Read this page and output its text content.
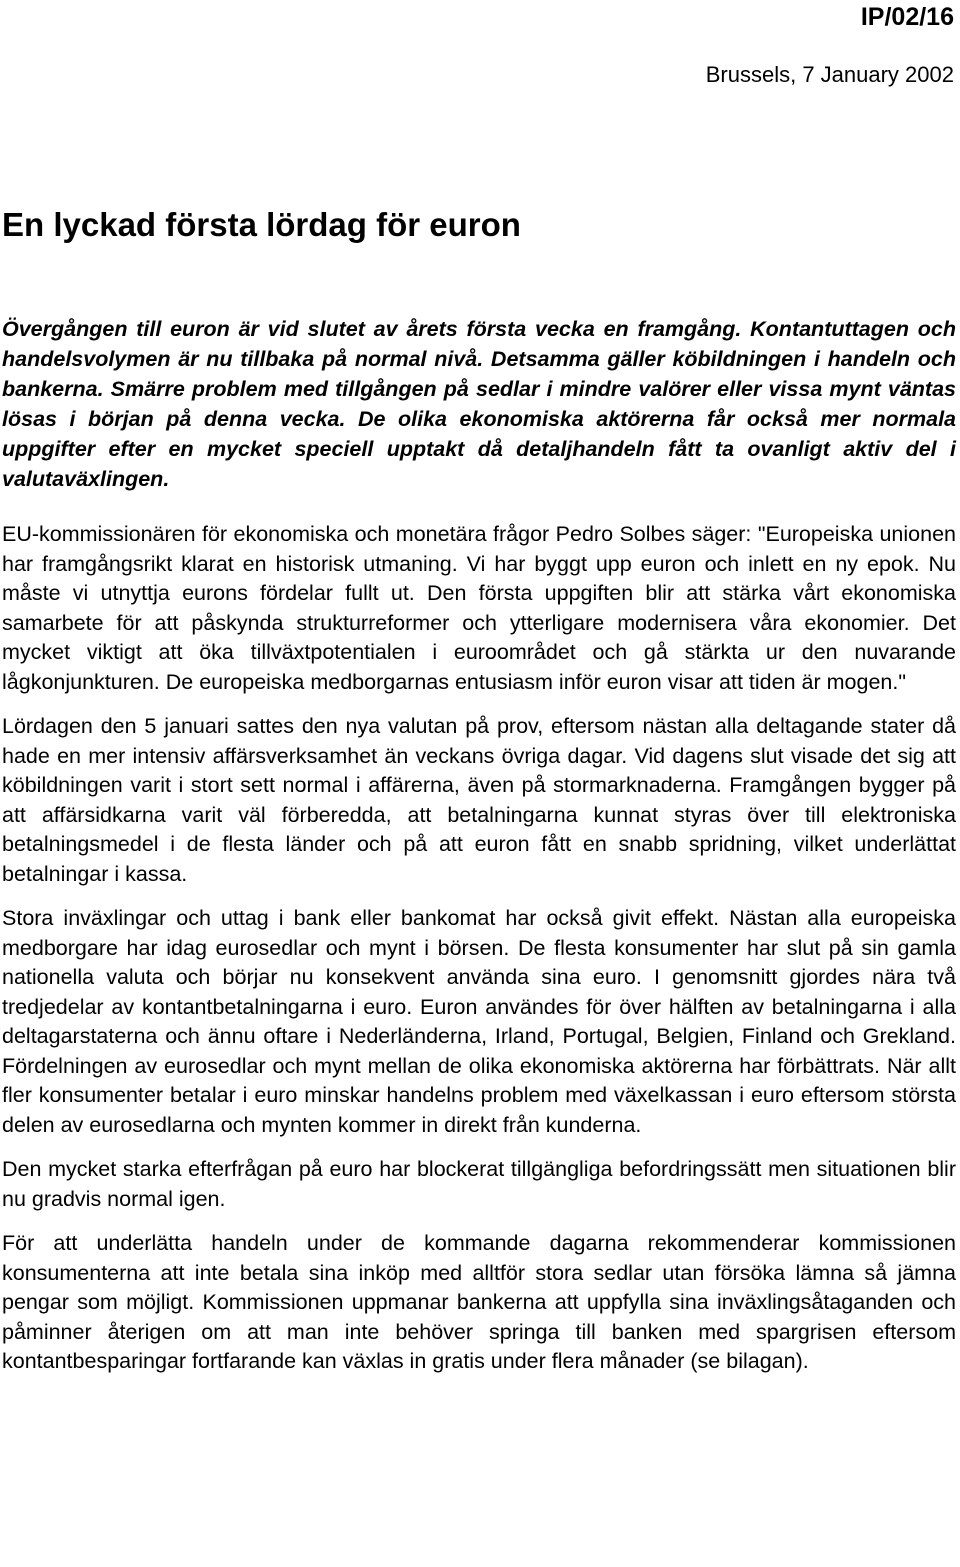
IP/02/16
Brussels, 7 January 2002
En lyckad första lördag för euron

Övergången till euron är vid slutet av årets första vecka en framgång. Kontantuttagen och handelsvolymen är nu tillbaka på normal nivå. Detsamma gäller köbildningen i handeln och bankerna. Smärre problem med tillgången på sedlar i mindre valörer eller vissa mynt väntas lösas i början på denna vecka. De olika ekonomiska aktörerna får också mer normala uppgifter efter en mycket speciell upptakt då detaljhandeln fått ta ovanligt aktiv del i valutaväxlingen.

EU-kommissionären för ekonomiska och monetära frågor Pedro Solbes säger: "Europeiska unionen har framgångsrikt klarat en historisk utmaning. Vi har byggt upp euron och inlett en ny epok. Nu måste vi utnyttja eurons fördelar fullt ut. Den första uppgiften blir att stärka vårt ekonomiska samarbete för att påskynda strukturreformer och ytterligare modernisera våra ekonomier. Det mycket viktigt att öka tillväxtpotentialen i euroområdet och gå stärkta ur den nuvarande lågkonjunkturen. De europeiska medborgarnas entusiasm inför euron visar att tiden är mogen."

Lördagen den 5 januari sattes den nya valutan på prov, eftersom nästan alla deltagande stater då hade en mer intensiv affärsverksamhet än veckans övriga dagar. Vid dagens slut visade det sig att köbildningen varit i stort sett normal i affärerna, även på stormarknaderna. Framgången bygger på att affärsidkarna varit väl förberedda, att betalningarna kunnat styras över till elektroniska betalningsmedel i de flesta länder och på att euron fått en snabb spridning, vilket underlättat betalningar i kassa.

Stora inväxlingar och uttag i bank eller bankomat har också givit effekt. Nästan alla europeiska medborgare har idag eurosedlar och mynt i börsen. De flesta konsumenter har slut på sin gamla nationella valuta och börjar nu konsekvent använda sina euro. I genomsnitt gjordes nära två tredjedelar av kontantbetalningarna i euro. Euron användes för över hälften av betalningarna i alla deltagarstaterna och ännu oftare i Nederländerna, Irland, Portugal, Belgien, Finland och Grekland. Fördelningen av eurosedlar och mynt mellan de olika ekonomiska aktörerna har förbättrats. När allt fler konsumenter betalar i euro minskar handelns problem med växelkassan i euro eftersom största delen av eurosedlarna och mynten kommer in direkt från kunderna.

Den mycket starka efterfrågan på euro har blockerat tillgängliga befordringssätt men situationen blir nu gradvis normal igen.

För att underlätta handeln under de kommande dagarna rekommenderar kommissionen konsumenterna att inte betala sina inköp med alltför stora sedlar utan försöka lämna så jämna pengar som möjligt. Kommissionen uppmanar bankerna att uppfylla sina inväxlingsåtaganden och påminner återigen om att man inte behöver springa till banken med spargrisen eftersom kontantbesparingar fortfarande kan växlas in gratis under flera månader (se bilagan).
